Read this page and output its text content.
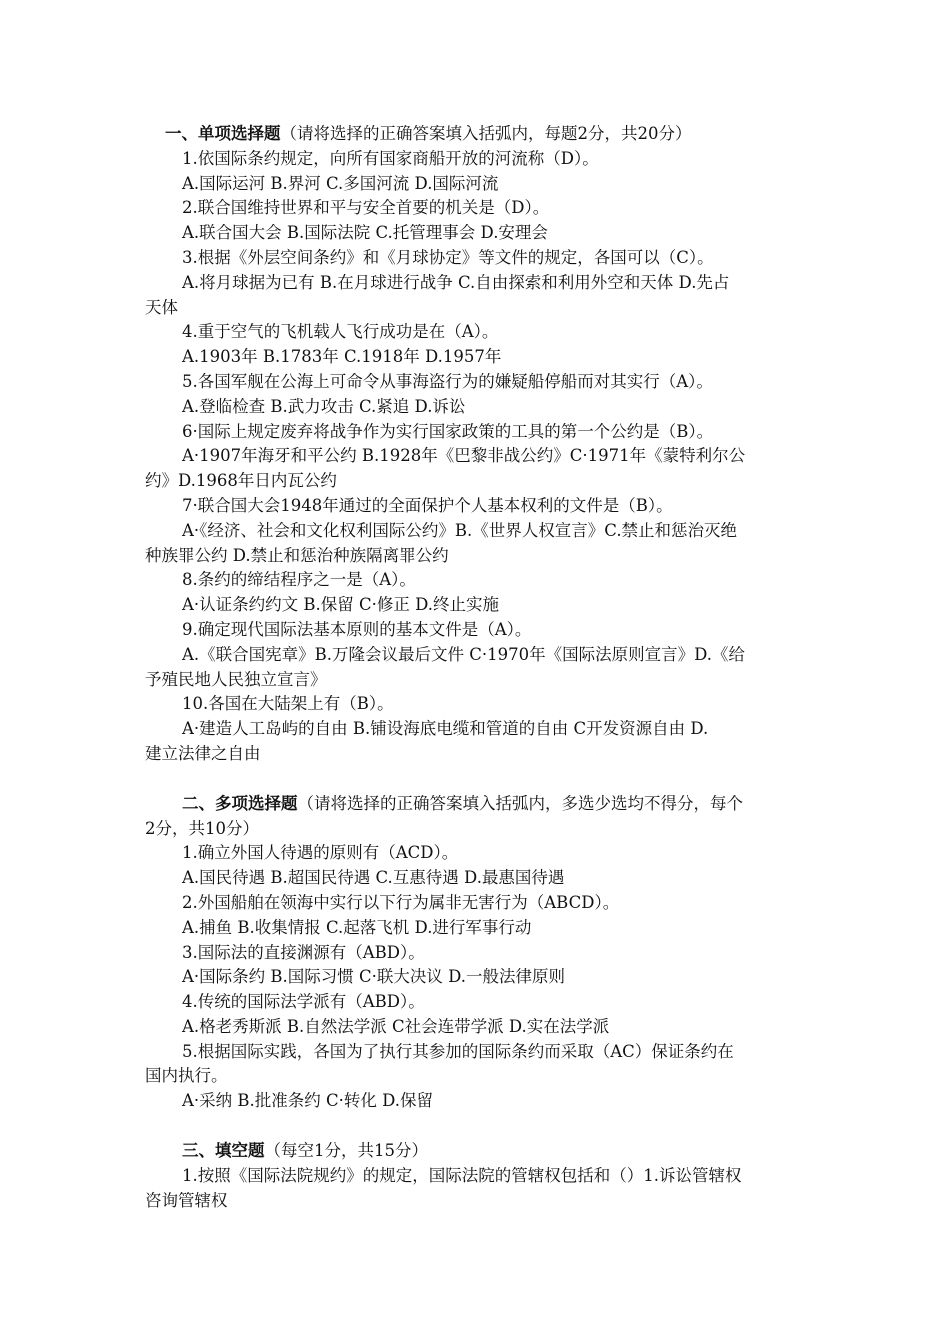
一、单项选择题（请将选择的正确答案填入括弧内，每题2分，共20分）
1.依国际条约规定，向所有国家商船开放的河流称（D）。
A.国际运河 B.界河 C.多国河流 D.国际河流
2.联合国维持世界和平与安全首要的机关是（D）。
A.联合国大会 B.国际法院 C.托管理事会 D.安理会
3.根据《外层空间条约》和《月球协定》等文件的规定，各国可以（C）。
A.将月球据为已有 B.在月球进行战争 C.自由探索和利用外空和天体 D.先占
天体
4.重于空气的飞机载人飞行成功是在（A）。
A.1903年 B.1783年 C.1918年 D.1957年
5.各国军舰在公海上可命令从事海盗行为的嫌疑船停船而对其实行（A）。
A.登临检查 B.武力攻击 C.紧追 D.诉讼
6·国际上规定废弃将战争作为实行国家政策的工具的第一个公约是（B）。
A·1907年海牙和平公约 B.1928年《巴黎非战公约》C·1971年《蒙特利尔公
约》D.1968年日内瓦公约
7·联合国大会1948年通过的全面保护个人基本权利的文件是（B）。
A·《经济、社会和文化权利国际公约》B.《世界人权宣言》C.禁止和惩治灭绝
种族罪公约 D.禁止和惩治种族隔离罪公约
8.条约的缔结程序之一是（A）。
A·认证条约约文 B.保留 C·修正 D.终止实施
9.确定现代国际法基本原则的基本文件是（A）。
A.《联合国宪章》B.万隆会议最后文件 C·1970年《国际法原则宣言》D.《给
予殖民地人民独立宣言》
10.各国在大陆架上有（B）。
A·建造人工岛屿的自由 B.铺设海底电缆和管道的自由 C开发资源自由 D.
建立法律之自由
二、多项选择题（请将选择的正确答案填入括弧内，多选少选均不得分，每个
2分，共10分）
1.确立外国人待遇的原则有（ACD）。
A.国民待遇 B.超国民待遇 C.互惠待遇 D.最惠国待遇
2.外国船舶在领海中实行以下行为属非无害行为（ABCD）。
A.捕鱼 B.收集情报 C.起落飞机 D.进行军事行动
3.国际法的直接渊源有（ABD）。
A·国际条约 B.国际习惯 C·联大决议 D.一般法律原则
4.传统的国际法学派有（ABD）。
A.格老秀斯派 B.自然法学派 C社会连带学派 D.实在法学派
5.根据国际实践，各国为了执行其参加的国际条约而采取（AC）保证条约在
国内执行。
A·采纳 B.批准条约 C·转化 D.保留
三、填空题（每空1分，共15分）
1.按照《国际法院规约》的规定，国际法院的管辖权包括和（）1.诉讼管辖权
咨询管辖权
